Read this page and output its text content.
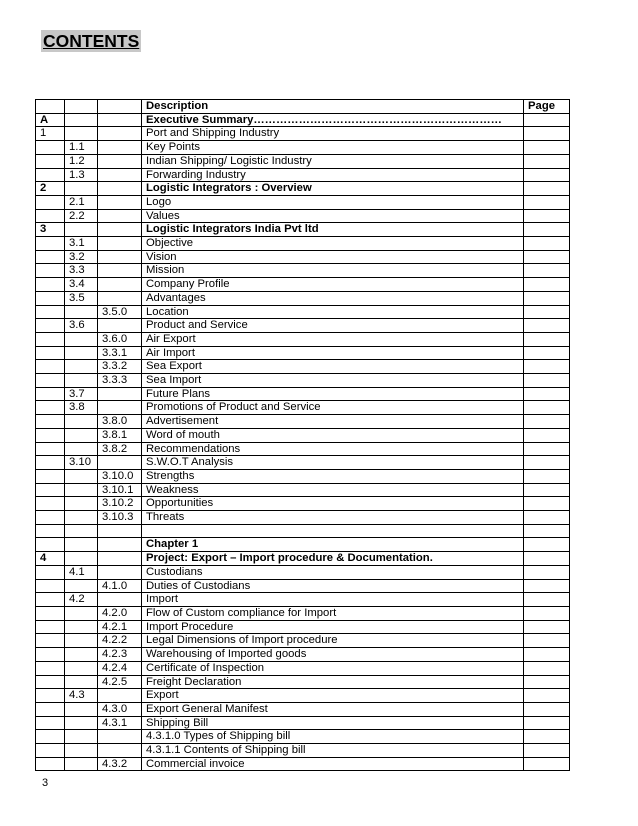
CONTENTS
			Description	Page
A			Executive Summary…………………………………………………………	
1			Port and Shipping Industry	
	1.1		Key Points	
	1.2		Indian Shipping/ Logistic Industry	
	1.3		Forwarding Industry	
2			Logistic Integrators : Overview	
	2.1		Logo	
	2.2		Values	
3			Logistic Integrators India Pvt ltd	
	3.1		Objective	
	3.2		Vision	
	3.3		Mission	
	3.4		Company Profile	
	3.5		Advantages	
		3.5.0	Location	
	3.6		Product and Service	
		3.6.0	Air Export	
		3.3.1	Air Import	
		3.3.2	Sea Export	
		3.3.3	Sea Import	
	3.7		Future Plans	
	3.8		Promotions of Product and Service	
		3.8.0	Advertisement	
		3.8.1	Word of mouth	
		3.8.2	Recommendations	
	3.10		S.W.O.T Analysis	
		3.10.0	Strengths	
		3.10.1	Weakness	
		3.10.2	Opportunities	
		3.10.3	Threats	

			Chapter 1	
4			Project: Export – Import procedure & Documentation.	
	4.1		Custodians	
		4.1.0	Duties of Custodians	
	4.2		Import	
		4.2.0	Flow of Custom compliance for Import	
		4.2.1	Import Procedure	
		4.2.2	Legal Dimensions of Import procedure	
		4.2.3	Warehousing of Imported goods	
		4.2.4	Certificate of Inspection	
		4.2.5	Freight Declaration	
	4.3		Export	
		4.3.0	Export General Manifest	
		4.3.1	Shipping Bill	
			4.3.1.0 Types of Shipping bill	
			4.3.1.1 Contents of Shipping bill	
		4.3.2	Commercial invoice	
3
